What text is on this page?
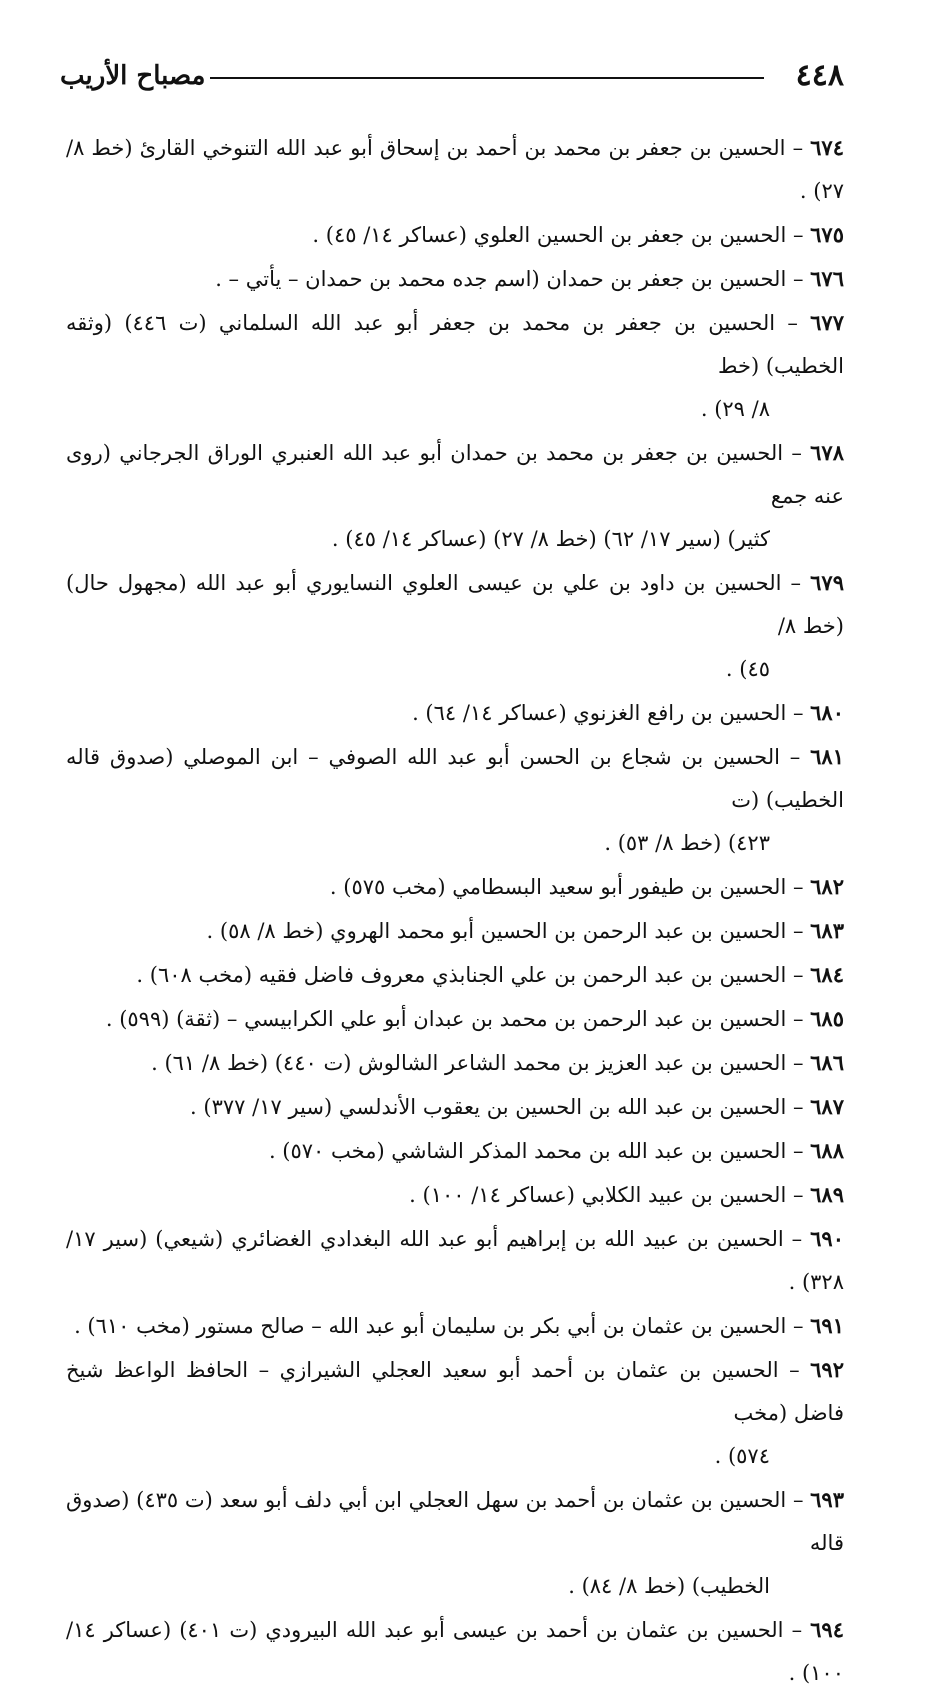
٤٤٨
مصباح الأريب
٦٧٤ – الحسين بن جعفر بن محمد بن أحمد بن إسحاق أبو عبد الله التنوخي القارئ (خط ٨/ ٢٧) .
٦٧٥ – الحسين بن جعفر بن الحسين العلوي (عساكر ١٤/ ٤٥) .
٦٧٦ – الحسين بن جعفر بن حمدان (اسم جده محمد بن حمدان – يأتي – .
٦٧٧ – الحسين بن جعفر بن محمد بن جعفر أبو عبد الله السلماني (ت ٤٤٦) (وثقه الخطيب) (خط
٨/ ٢٩) .
٦٧٨ – الحسين بن جعفر بن محمد بن حمدان أبو عبد الله العنبري الوراق الجرجاني (روى عنه جمع
كثير) (سير ١٧/ ٦٢) (خط ٨/ ٢٧) (عساكر ١٤/ ٤٥) .
٦٧٩ – الحسين بن داود بن علي بن عيسى العلوي النسايوري أبو عبد الله (مجهول حال) (خط ٨/
٤٥) .
٦٨٠ – الحسين بن رافع الغزنوي (عساكر ١٤/ ٦٤) .
٦٨١ – الحسين بن شجاع بن الحسن أبو عبد الله الصوفي – ابن الموصلي (صدوق قاله الخطيب) (ت
٤٢٣) (خط ٨/ ٥٣) .
٦٨٢ – الحسين بن طيفور أبو سعيد البسطامي (مخب ٥٧٥) .
٦٨٣ – الحسين بن عبد الرحمن بن الحسين أبو محمد الهروي (خط ٨/ ٥٨) .
٦٨٤ – الحسين بن عبد الرحمن بن علي الجنابذي معروف فاضل فقيه (مخب ٦٠٨) .
٦٨٥ – الحسين بن عبد الرحمن بن محمد بن عبدان أبو علي الكرابيسي – (ثقة) (٥٩٩) .
٦٨٦ – الحسين بن عبد العزيز بن محمد الشاعر الشالوش (ت ٤٤٠) (خط ٨/ ٦١) .
٦٨٧ – الحسين بن عبد الله بن الحسين بن يعقوب الأندلسي (سير ١٧/ ٣٧٧) .
٦٨٨ – الحسين بن عبد الله بن محمد المذكر الشاشي (مخب ٥٧٠) .
٦٨٩ – الحسين بن عبيد الكلابي (عساكر ١٤/ ١٠٠) .
٦٩٠ – الحسين بن عبيد الله بن إبراهيم أبو عبد الله البغدادي الغضائري (شيعي) (سير ١٧/ ٣٢٨) .
٦٩١ – الحسين بن عثمان بن أبي بكر بن سليمان أبو عبد الله – صالح مستور (مخب ٦١٠) .
٦٩٢ – الحسين بن عثمان بن أحمد أبو سعيد العجلي الشيرازي – الحافظ الواعظ شيخ فاضل (مخب
٥٧٤) .
٦٩٣ – الحسين بن عثمان بن أحمد بن سهل العجلي ابن أبي دلف أبو سعد (ت ٤٣٥) (صدوق قاله
الخطيب) (خط ٨/ ٨٤) .
٦٩٤ – الحسين بن عثمان بن أحمد بن عيسى أبو عبد الله البيرودي (ت ٤٠١) (عساكر ١٤/ ١٠٠) .
